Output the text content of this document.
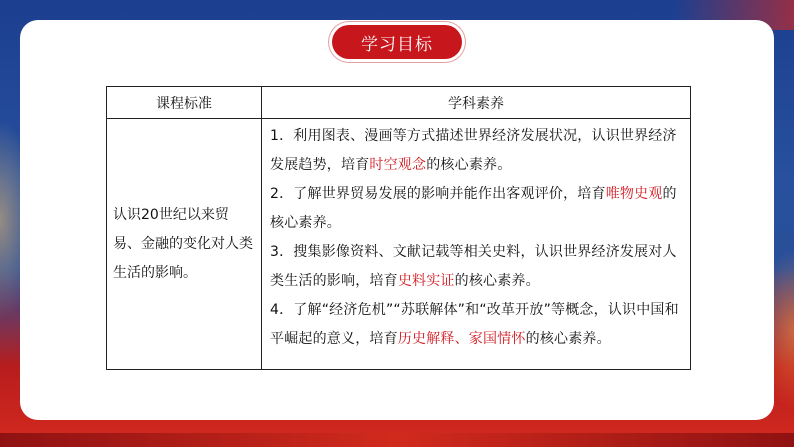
学习目标
课程标准	学科素养
认识20世纪以来贸易、金融的变化对人类生活的影响。	1．利用图表、漫画等方式描述世界经济发展状况，认识世界经济发展趋势，培育时空观念的核心素养。
2．了解世界贸易发展的影响并能作出客观评价，培育唯物史观的核心素养。
3．搜集影像资料、文献记载等相关史料，认识世界经济发展对人类生活的影响，培育史料实证的核心素养。
4．了解“经济危机”“苏联解体”和“改革开放”等概念，认识中国和平崛起的意义，培育历史解释、家国情怀的核心素养。
